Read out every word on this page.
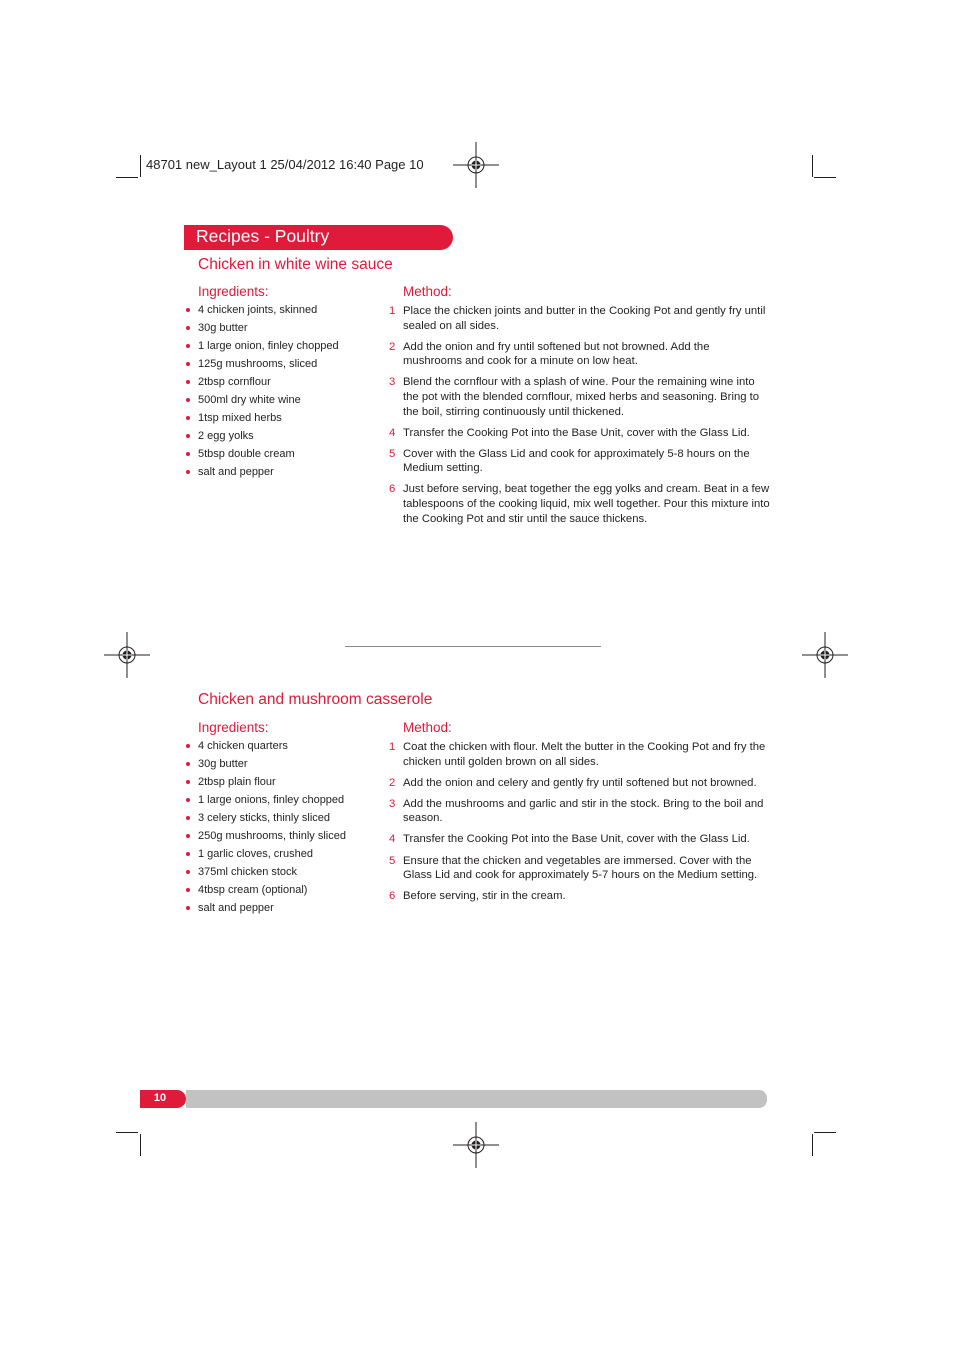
48701 new_Layout 1 25/04/2012 16:40 Page 10
Recipes - Poultry
Chicken in white wine sauce
Ingredients:	Method:
4 chicken joints, skinned
30g butter
1 large onion, finley chopped
125g mushrooms, sliced
2tbsp cornflour
500ml dry white wine
1tsp mixed herbs
2 egg yolks
5tbsp double cream
salt and pepper
1 Place the chicken joints and butter in the Cooking Pot and gently fry until sealed on all sides.
2 Add the onion and fry until softened but not browned. Add the mushrooms and cook for a minute on low heat.
3 Blend the cornflour with a splash of wine. Pour the remaining wine into the pot with the blended cornflour, mixed herbs and seasoning. Bring to the boil, stirring continuously until thickened.
4 Transfer the Cooking Pot into the Base Unit, cover with the Glass Lid.
5 Cover with the Glass Lid and cook for approximately 5-8 hours on the Medium setting.
6 Just before serving, beat together the egg yolks and cream. Beat in a few tablespoons of the cooking liquid, mix well together. Pour this mixture into the Cooking Pot and stir until the sauce thickens.
Chicken and mushroom casserole
Ingredients:	Method:
4 chicken quarters
30g butter
2tbsp plain flour
1 large onions, finley chopped
3 celery sticks, thinly sliced
250g mushrooms, thinly sliced
1 garlic cloves, crushed
375ml chicken stock
4tbsp cream (optional)
salt and pepper
1 Coat the chicken with flour. Melt the butter in the Cooking Pot and fry the chicken until golden brown on all sides.
2 Add the onion and celery and gently fry until softened but not browned.
3 Add the mushrooms and garlic and stir in the stock. Bring to the boil and season.
4 Transfer the Cooking Pot into the Base Unit, cover with the Glass Lid.
5 Ensure that the chicken and vegetables are immersed. Cover with the Glass Lid and cook for approximately 5-7 hours on the Medium setting.
6 Before serving, stir in the cream.
10
